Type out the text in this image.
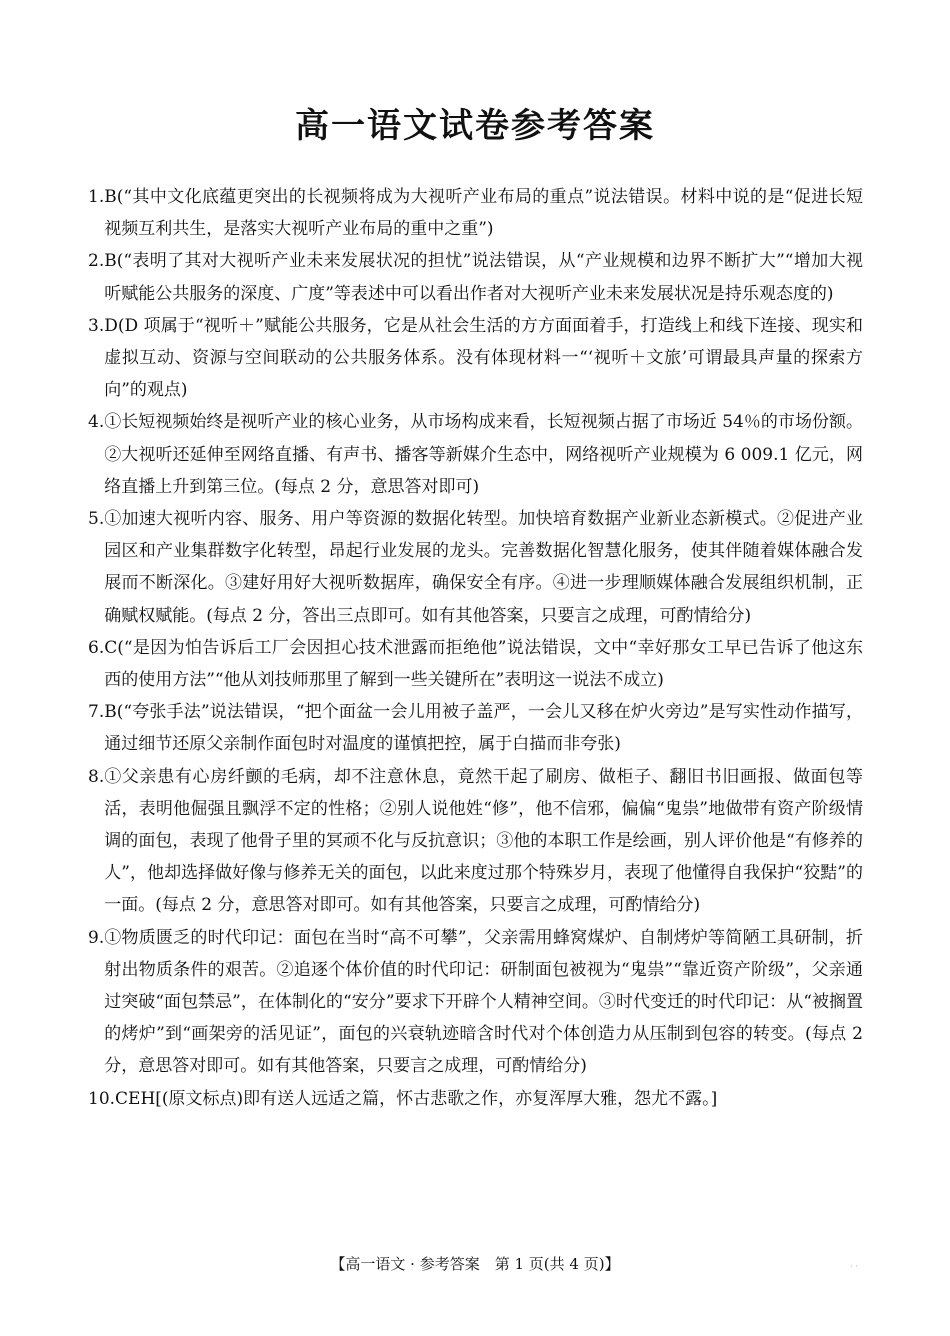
高一语文试卷参考答案
1. B(“其中文化底蕴更突出的长视频将成为大视听产业布局的重点”说法错误。材料中说的是“促进长短视频互利共生，是落实大视听产业布局的重中之重”)
2. B(“表明了其对大视听产业未来发展状况的担忧”说法错误，从“产业规模和边界不断扩大”“增加大视听赋能公共服务的深度、广度”等表述中可以看出作者对大视听产业未来发展状况是持乐观态度的)
3. D(D 项属于“视听＋”赋能公共服务，它是从社会生活的方方面面着手，打造线上和线下连接、现实和虚拟互动、资源与空间联动的公共服务体系。没有体现材料一“‘视听＋文旅’可谓最具声量的探索方向”的观点)
4. ①长短视频始终是视听产业的核心业务，从市场构成来看，长短视频占据了市场近 54％的市场份额。②大视听还延伸至网络直播、有声书、播客等新媒介生态中，网络视听产业规模为 6 009.1 亿元，网络直播上升到第三位。(每点 2 分，意思答对即可)
5. ①加速大视听内容、服务、用户等资源的数据化转型。加快培育数据产业新业态新模式。②促进产业园区和产业集群数字化转型，昂起行业发展的龙头。完善数据化智慧化服务，使其伴随着媒体融合发展而不断深化。③建好用好大视听数据库，确保安全有序。④进一步理顺媒体融合发展组织机制，正确赋权赋能。(每点 2 分，答出三点即可。如有其他答案，只要言之成理，可酌情给分)
6. C(“是因为怕告诉后工厂会因担心技术泄露而拒绝他”说法错误，文中“幸好那女工早已告诉了他这东西的使用方法”“他从刘技师那里了解到一些关键所在”表明这一说法不成立)
7. B(“夸张手法”说法错误，“把个面盆一会儿用被子盖严，一会儿又移在炉火旁边”是写实性动作描写，通过细节还原父亲制作面包时对温度的谨慎把控，属于白描而非夸张)
8. ①父亲患有心房纤颤的毛病，却不注意休息，竟然干起了刷房、做柜子、翻旧书旧画报、做面包等活，表明他倔强且飘浮不定的性格；②别人说他姓“修”，他不信邪，偏偏“鬼祟”地做带有资产阶级情调的面包，表现了他骨子里的冥顽不化与反抗意识；③他的本职工作是绘画，别人评价他是“有修养的人”，他却选择做好像与修养无关的面包，以此来度过那个特殊岁月，表现了他懂得自我保护“狡黠”的一面。(每点 2 分，意思答对即可。如有其他答案，只要言之成理，可酌情给分)
9. ①物质匮乏的时代印记：面包在当时“高不可攀”，父亲需用蜂窝煤炉、自制烤炉等简陋工具研制，折射出物质条件的艰苦。②追逐个体价值的时代印记：研制面包被视为“鬼祟”“靠近资产阶级”，父亲通过突破“面包禁忌”，在体制化的“安分”要求下开辟个人精神空间。③时代变迁的时代印记：从“被搁置的烤炉”到“画架旁的活见证”，面包的兴衰轨迹暗含时代对个体创造力从压制到包容的转变。(每点 2 分，意思答对即可。如有其他答案，只要言之成理，可酌情给分)
10. CEH[(原文标点)即有送人远适之篇，怀古悲歌之作，亦复浑厚大雅，怨尤不露。]
【高一语文 · 参考答案　第 1 页(共 4 页)】	· ·
